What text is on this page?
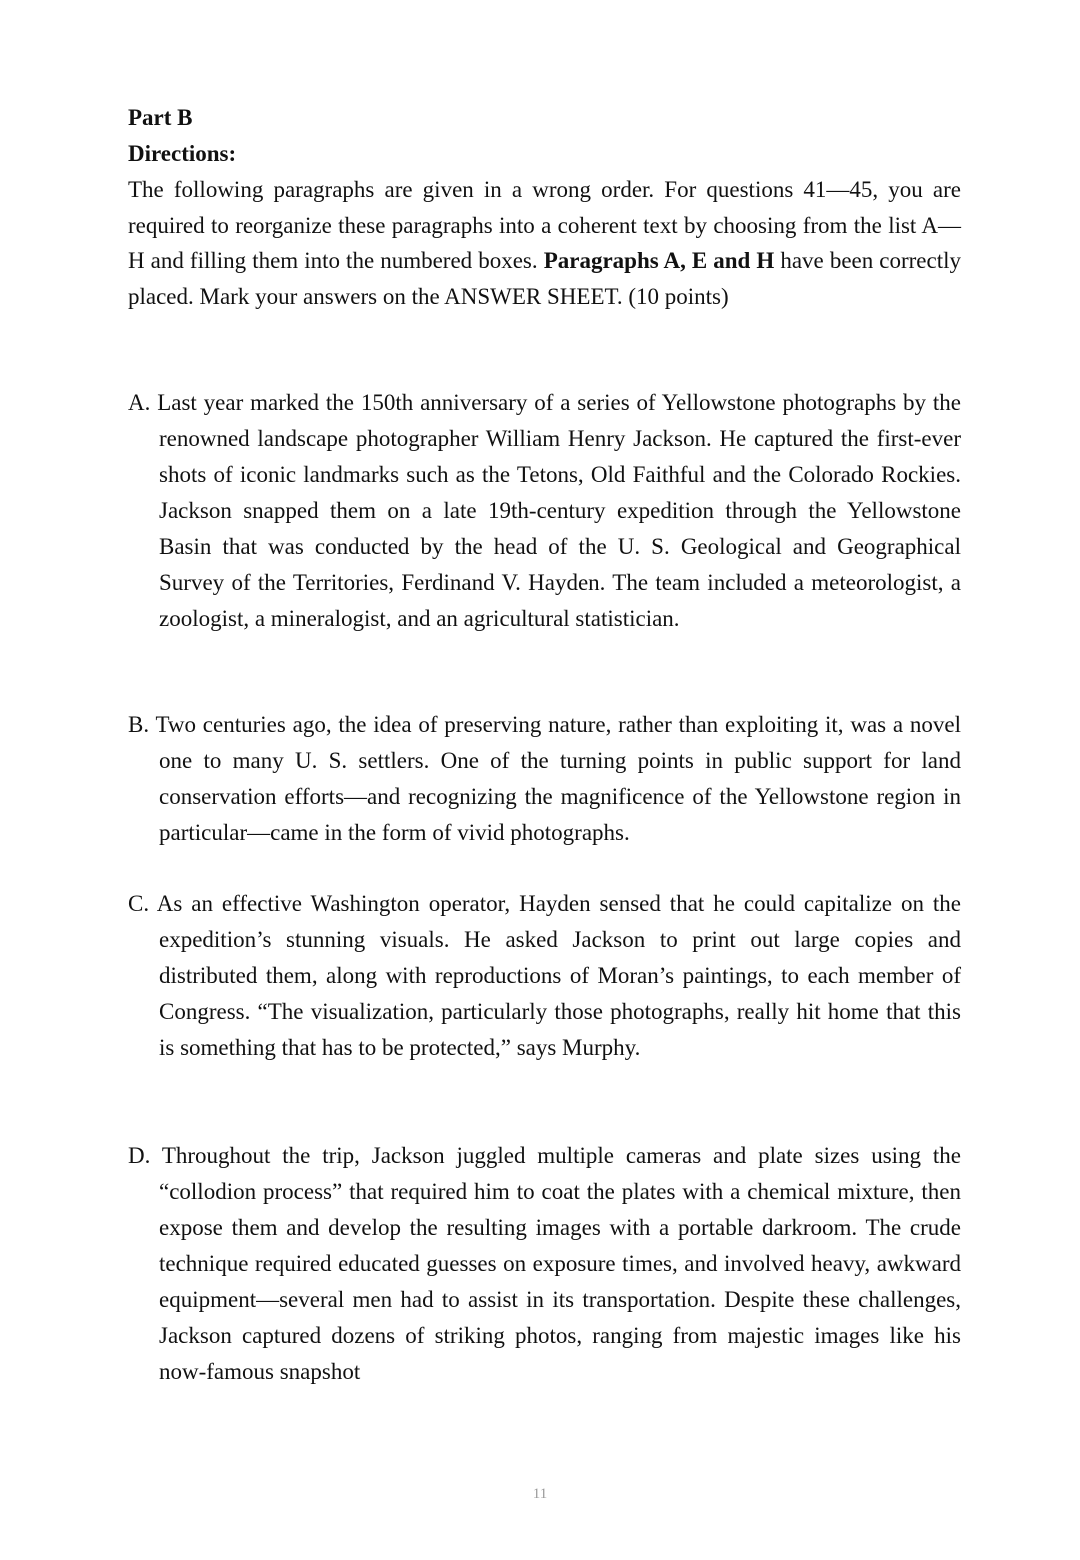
Part B
Directions:
The following paragraphs are given in a wrong order. For questions 41—45, you are required to reorganize these paragraphs into a coherent text by choosing from the list A—H and filling them into the numbered boxes. Paragraphs A, E and H have been correctly placed. Mark your answers on the ANSWER SHEET. (10 points)
A. Last year marked the 150th anniversary of a series of Yellowstone photographs by the renowned landscape photographer William Henry Jackson. He captured the first-ever shots of iconic landmarks such as the Tetons, Old Faithful and the Colorado Rockies. Jackson snapped them on a late 19th-century expedition through the Yellowstone Basin that was conducted by the head of the U. S. Geological and Geographical Survey of the Territories, Ferdinand V. Hayden. The team included a meteorologist, a zoologist, a mineralogist, and an agricultural statistician.
B. Two centuries ago, the idea of preserving nature, rather than exploiting it, was a novel one to many U. S. settlers. One of the turning points in public support for land conservation efforts—and recognizing the magnificence of the Yellowstone region in particular—came in the form of vivid photographs.
C. As an effective Washington operator, Hayden sensed that he could capitalize on the expedition’s stunning visuals. He asked Jackson to print out large copies and distributed them, along with reproductions of Moran’s paintings, to each member of Congress. “The visualization, particularly those photographs, really hit home that this is something that has to be protected,” says Murphy.
D. Throughout the trip, Jackson juggled multiple cameras and plate sizes using the “collodion process” that required him to coat the plates with a chemical mixture, then expose them and develop the resulting images with a portable darkroom. The crude technique required educated guesses on exposure times, and involved heavy, awkward equipment—several men had to assist in its transportation. Despite these challenges, Jackson captured dozens of striking photos, ranging from majestic images like his now-famous snapshot
11
